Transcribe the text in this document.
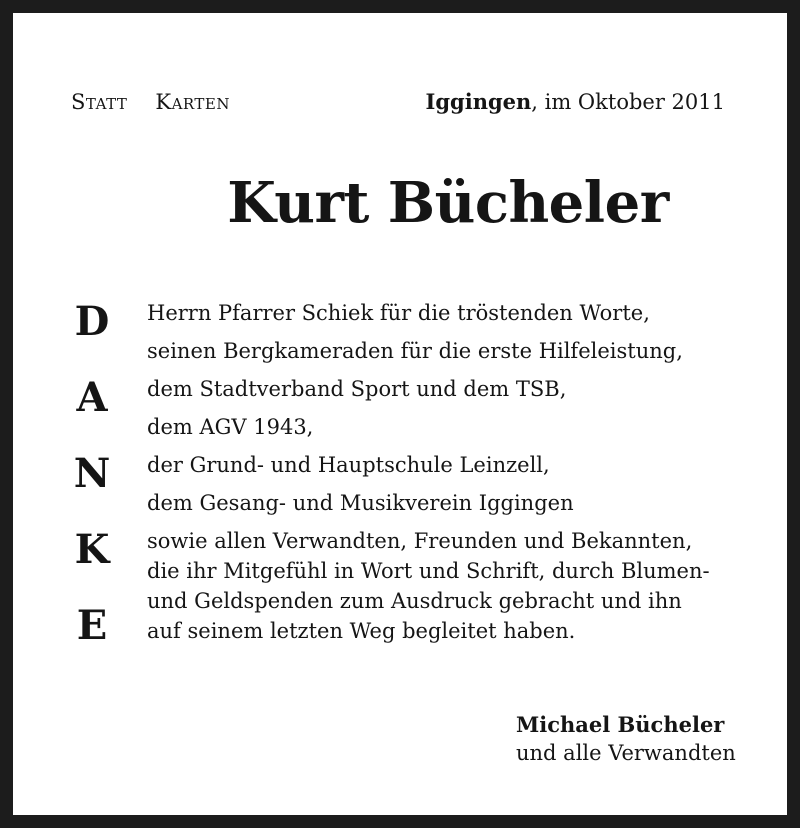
Statt Karten	Iggingen, im Oktober 2011
Kurt Bücheler
D
A
N
K
E
Herrn Pfarrer Schiek für die tröstenden Worte,
seinen Bergkameraden für die erste Hilfeleistung,
dem Stadtverband Sport und dem TSB,
dem AGV 1943,
der Grund- und Hauptschule Leinzell,
dem Gesang- und Musikverein Iggingen
sowie allen Verwandten, Freunden und Bekannten,
die ihr Mitgefühl in Wort und Schrift, durch Blumen-
und Geldspenden zum Ausdruck gebracht und ihn
auf seinem letzten Weg begleitet haben.
Michael Bücheler
und alle Verwandten
